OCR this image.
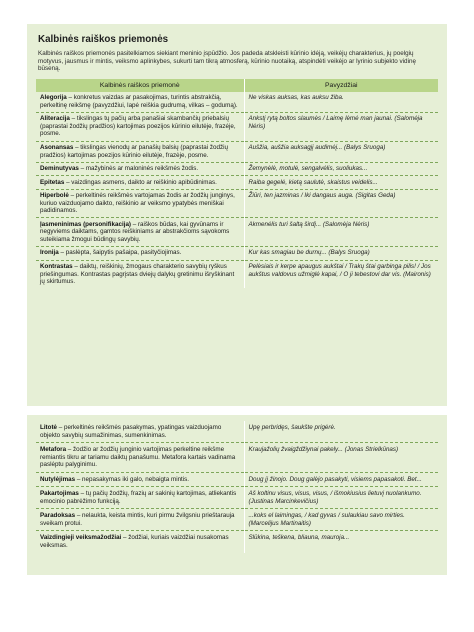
Kalbinės raiškos priemonės
Kalbinės raiškos priemonės pasitelkiamos siekiant meninio įspūdžio. Jos padeda atskleisti kūrinio idėją, veikėjų charakterius, jų poelgių motyvus, jausmus ir mintis, veiksmo aplinkybes, sukurti tam tikrą atmosferą, kūrinio nuotaiką, atspindėti veikėjo ar lyrinio subjekto vidinę būseną.
Kalbinės raiškos priemonė	Pavyzdžiai
Alegorija – konkretus vaizdas ar pasakojimas, turintis abstrakčią, perkeltinę reikšmę (pavyzdžiui, lapė reiškia gudrumą, vilkas – godumą).	Ne viskas auksas, kas auksu žiba.
Aliteracija – tikslingas tų pačių arba panašiai skambančių priebalsių (paprastai žodžių pradžios) kartojimas poezijos kūrinio eilutėje, frazėje, posme.	Ankstį rytą boltos ѕlaumės / Laimę lėmė man jaunai. (Salomėja Nėris)
Asonansas – tikslingas vienodų ar panašių balsių (paprastai žodžių pradžios) kartojimas poezijos kūrinio eilutėje, frazėje, posme.	Aušžia, aušžia auksagįį audimėį... (Balys Sruoga)
Deminutyvas – mažybinės ar maloninės reikšmės žodis.	Žemynėlė, motulė, sengalvėlis, suoliukas...
Epitetas – vaizdingas asmens, daikto ar reiškinio apibūdinimas.	Raiba gegelė, kietą saulutė, skaistus veidelis...
Hiperbolė – perkeltinės reikšmės vartojamas žodis ar žodžių junginys, kuriuo vaizduojamo daikto, reiškinio ar veiksmo ypatybės meniškai padidinamos.	Žiūri, ten jazminas / Iki dangaus auga. (Sigitas Geda)
Įasmeninimas (personifikacija) – raiškos būdas, kai gyvūnams ir negyviems daiktams, gamtos reiškiniams ar abstrakčioms sąvokoms suteikiama žmogui būdingų savybių.	Akmenėlis turi šaltą širdį... (Salomėja Nėris)
Ironija – paslėpta, šaipytis pašaipa, pasityčiojimas.	Kur kas smagiau be durnų... (Balys Sruoga)
Kontrastas – daiktų, reiškinių, žmogaus charakterio savybių ryškus priešingumas. Kontrastas pagrįstas dviejų dalykų gretinimu išryškinant jų skirtumus.	Pelėsiais ir kerpe apaugus aukštai / Trakų štai garbinga pilis! / Jos aukštus valdovus užmiglė kapai, / O ji tebestovi dar vis. (Maironis)
Litotė – perkeltinės reikšmės pasakymas, ypatingas vaizduojamo objekto savybių sumažinimas, sumenkinimas.	Upę perbridęs, šaukšte prigėrė.
Metafora – žodžio ar žodžių junginio vartojimas perkeltine reikšme remiantis tikru ar tariamu daiktų panašumu. Metafora kartais vadinama paslėptu palyginimu.	Kraujažolių žvaigždžiynai pakely... (Jonas Strielkūnas)
Nutylėjimas – nepasakymas iki galo, nebaigta mintis.	Doug jį žinojo. Doug galėjo pasakyti, visiems papasakoti. Bet...
Pakartojimas – tų pačių žodžių, frazių ar sakinių kartojimas, atliekantis emocinio pabrėžimo funkciją.	Aš koltinu visus, visus, visus, / išmokiusius lietuvį nuolankumo. (Justinas Marcinkevičius)
Paradoksas – nelaukta, keista mintis, kuri pirmu žvilgsniu prieštarauja sveikam protui.	...koks el laimingas, / kad gyvas / sulaukiau savo mirties. (Marcelijus Martinaitis)
Vaizdingieji veiksmažodžiai – žodžiai, kuriais vaizdžiai nusakomas veiksmas.	Slūkina, teškena, bliauna, mauroja...
